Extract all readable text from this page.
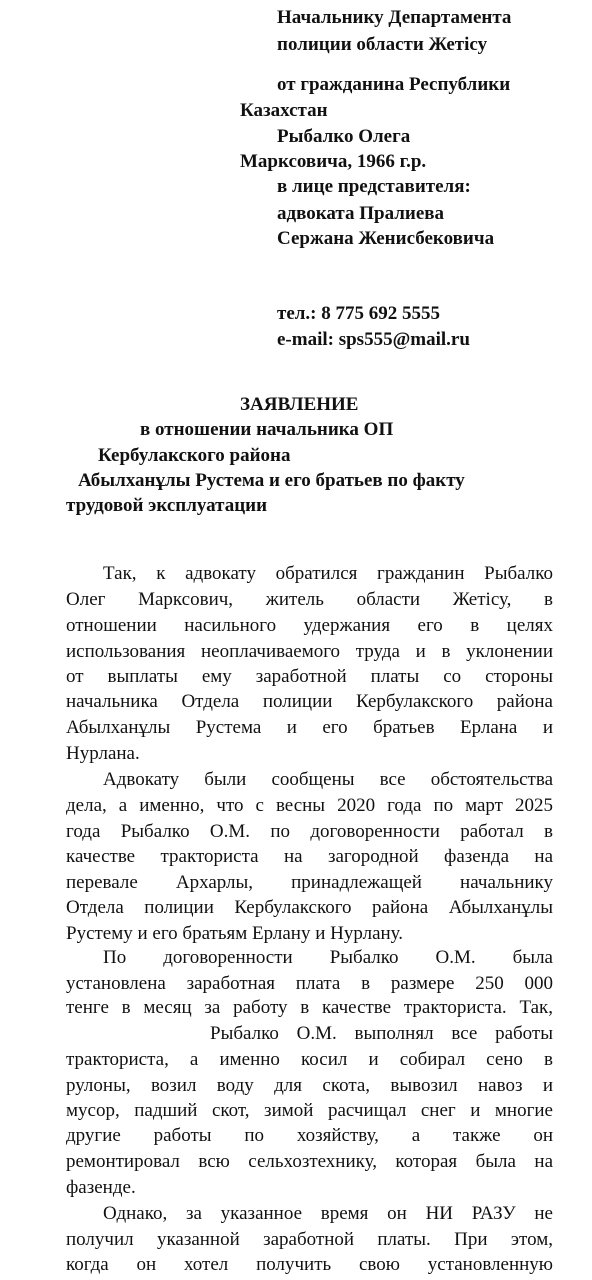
Начальнику Департамента

полиции области Жетісу

от гражданина Республики

Казахстан

Рыбалко Олега

Марксовича, 1966 г.р.

в лице представителя:

адвоката Пралиева

Сержана Женисбековича

тел.: 8 775 692 5555

e-mail: sps555@mail.ru

ЗАЯВЛЕНИЕ

в отношении начальника ОП

Кербулакского района

Абылханұлы Рустема и его братьев по факту

трудовой эксплуатации

Так, к адвокату обратился гражданин Рыбалко

Олег Марксович, житель области Жетісу, в

отношении насильного удержания его в целях

использования неоплачиваемого труда и в уклонении

от выплаты ему заработной платы со стороны

начальника Отдела полиции Кербулакского района

Абылханұлы Рустема и его братьев Ерлана и

Нурлана.

Адвокату были сообщены все обстоятельства

дела, а именно, что с весны 2020 года по март 2025

года Рыбалко О.М. по договоренности работал в

качестве тракториста на загородной фазенда на

перевале Архарлы, принадлежащей начальнику

Отдела полиции Кербулакского района Абылханұлы

Рустему и его братьям Ерлану и Нурлану.

По договоренности Рыбалко О.М. была

установлена заработная плата в размере 250 000

тенге в месяц за работу в качестве тракториста. Так,

Рыбалко О.М. выполнял все работы

тракториста, а именно косил и собирал сено в

рулоны, возил воду для скота, вывозил навоз и

мусор, падший скот, зимой расчищал снег и многие

другие работы по хозяйству, а также он

ремонтировал всю сельхозтехнику, которая была на

фазенде.

Однако, за указанное время он НИ РАЗУ не

получил указанной заработной платы. При этом,

когда он хотел получить свою установленную
